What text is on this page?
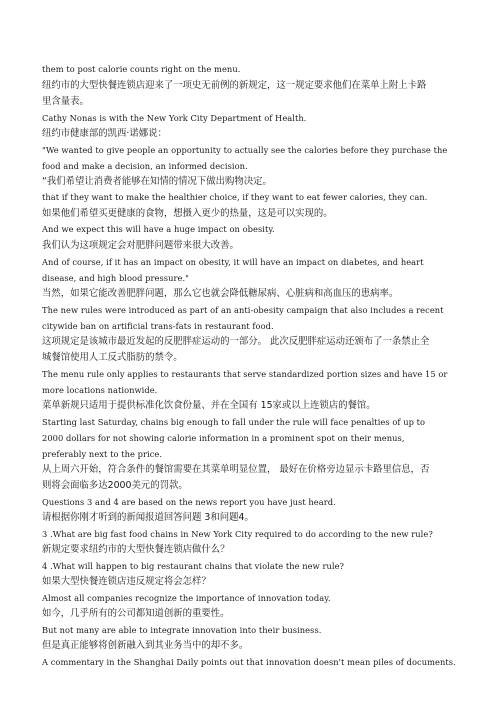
them to post calorie counts right on the menu.
纽约市的大型快餐连锁店迎来了一项史无前例的新规定，这一规定要求他们在菜单上附上卡路
里含量表。
Cathy Nonas is with the New York City Department of Health.
纽约市健康部的凯西·诺娜说：
"We wanted to give people an opportunity to actually see the calories before they purchase the
food and make a decision, an informed decision.
“我们希望让消费者能够在知情的情况下做出购物决定。
that if they want to make the healthier choice, if they want to eat fewer calories, they can.
如果他们希望买更健康的食物，想摄入更少的热量，这是可以实现的。
And we expect this will have a huge impact on obesity.
我们认为这项规定会对肥胖问题带来很大改善。
And of course, if it has an impact on obesity, it will have an impact on diabetes, and heart
disease, and high blood pressure."
当然，如果它能改善肥胖问题，那么它也就会降低糖尿病、心脏病和高血压的患病率。
The new rules were introduced as part of an anti-obesity campaign that also includes a recent
citywide ban on artificial trans-fats in restaurant food.
这项规定是该城市最近发起的反肥胖症运动的一部分。 此次反肥胖症运动还颁布了一条禁止全
城餐馆使用人工反式脂肪的禁令。
The menu rule only applies to restaurants that serve standardized portion sizes and have 15 or
more locations nationwide.
菜单新规只适用于提供标准化饮食份量、并在全国有 15家或以上连锁店的餐馆。
Starting last Saturday, chains big enough to fall under the rule will face penalties of up to
2000 dollars for not showing calorie information in a prominent spot on their menus,
preferably next to the price.
从上周六开始，符合条件的餐馆需要在其菜单明显位置， 最好在价格旁边显示卡路里信息，否
则将会面临多达2000美元的罚款。
Questions 3 and 4 are based on the news report you have just heard.
请根据你刚才听到的新闻报道回答问题 3和问题4。
3 .What are big fast food chains in New York City required to do according to the new rule?
新规定要求纽约市的大型快餐连锁店做什么？
4 .What will happen to big restaurant chains that violate the new rule?
如果大型快餐连锁店违反规定将会怎样？
Almost all companies recognize the importance of innovation today.
如今，几乎所有的公司都知道创新的重要性。
But not many are able to integrate innovation into their business.
但是真正能够将创新融入到其业务当中的却不多。
A commentary in the Shanghai Daily points out that innovation doesn't mean piles of documents.
